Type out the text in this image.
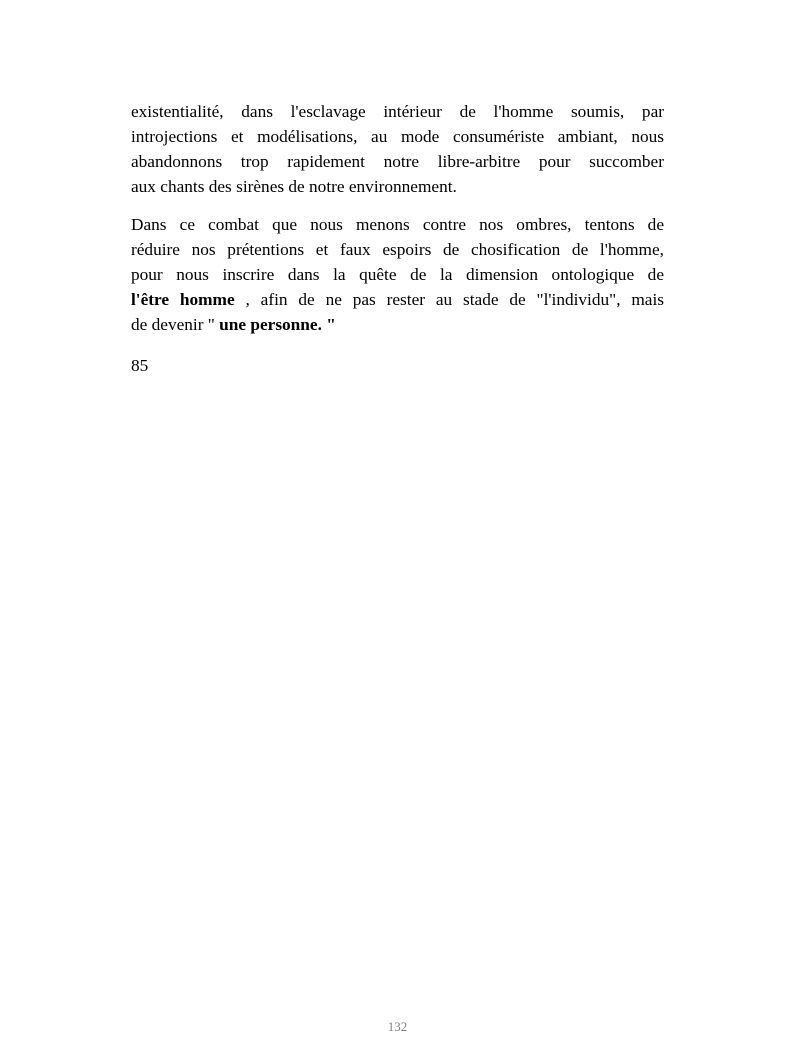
existentialité, dans l'esclavage intérieur de l'homme soumis, par
introjections et modélisations, au mode consumériste ambiant, nous
abandonnons trop rapidement notre libre-arbitre pour succomber
aux chants des sirènes de notre environnement.
Dans ce combat que nous menons contre nos ombres, tentons de
réduire nos prétentions et faux espoirs de chosification de l'homme,
pour nous inscrire dans la quête de la dimension ontologique de
l'être homme , afin de ne pas rester au stade de "l'individu", mais
de devenir " une personne. "
85
132
